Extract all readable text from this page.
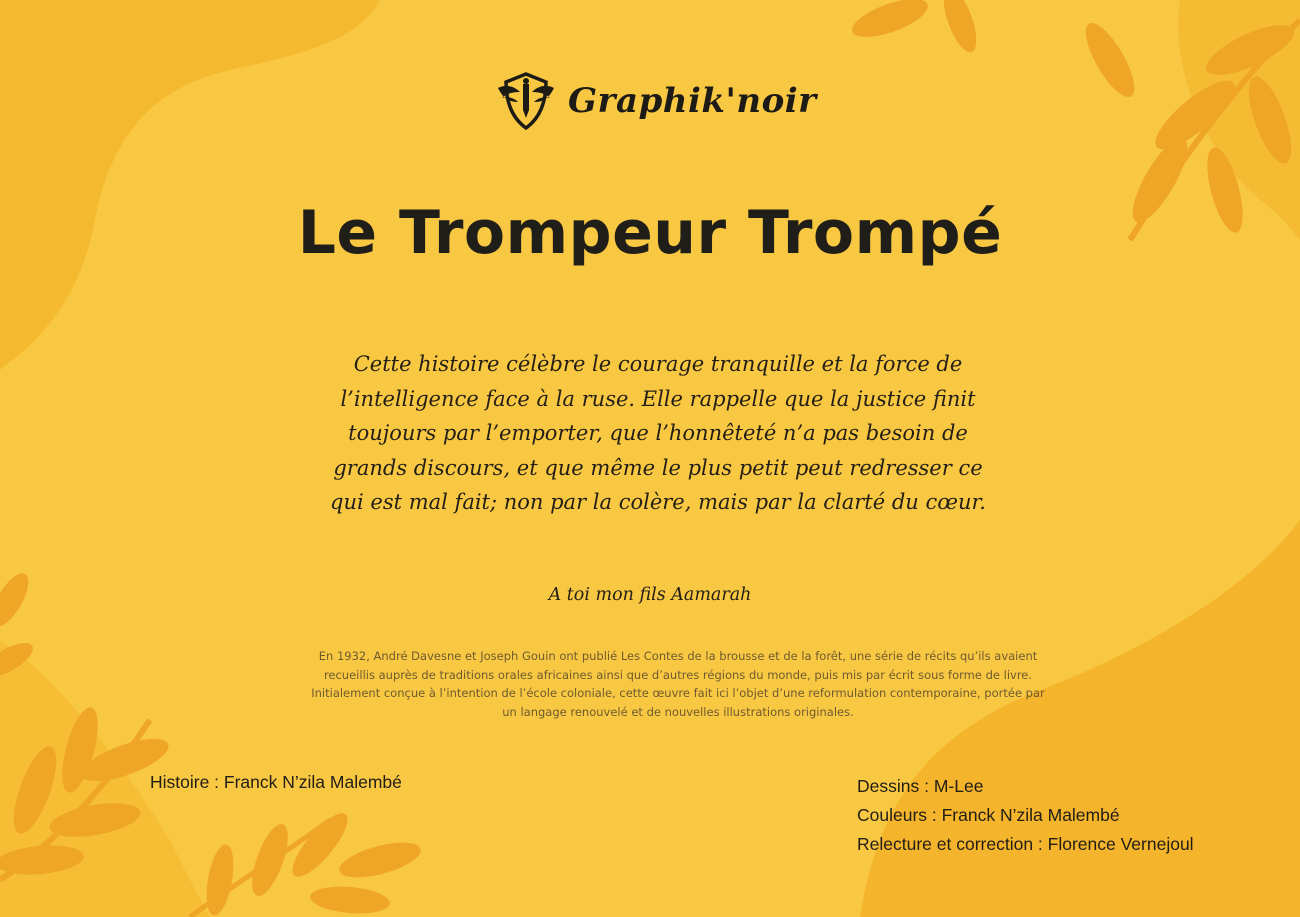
Graphik'noir
Le Trompeur Trompé

Cette histoire célèbre le courage tranquille et la force de l’intelligence face à la ruse. Elle rappelle que la justice finit toujours par l’emporter, que l’honnêteté n’a pas besoin de grands discours, et que même le plus petit peut redresser ce qui est mal fait; non par la colère, mais par la clarté du cœur.

A toi mon fils Aamarah

En 1932, André Davesne et Joseph Gouin ont publié Les Contes de la brousse et de la forêt, une série de récits qu’ils avaient recueillis auprès de traditions orales africaines ainsi que d’autres régions du monde, puis mis par écrit sous forme de livre. Initialement conçue à l’intention de l’école coloniale, cette œuvre fait ici l’objet d’une reformulation contemporaine, portée par un langage renouvelé et de nouvelles illustrations originales.

Histoire : Franck N’zila Malembé	Dessins : M-Lee
Couleurs : Franck N’zila Malembé
Relecture et correction : Florence Vernejoul
